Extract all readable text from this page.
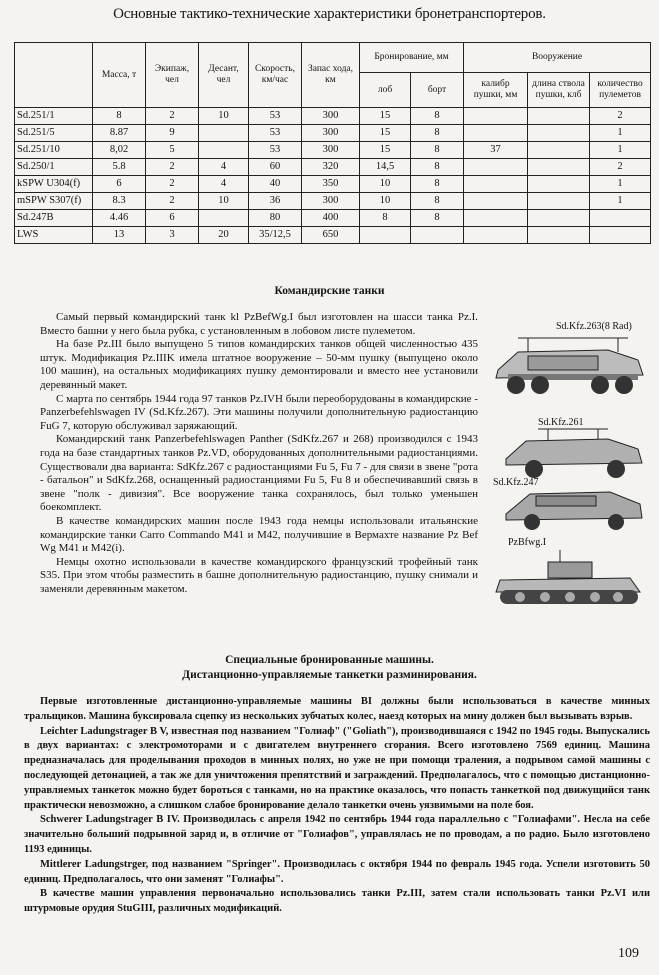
Основные тактико-технические характеристики бронетранспортеров.
	Масса, т	Экипаж, чел	Десант, чел	Скорость, км/час	Запас хода, км	Бронирование, мм		Вооружение		
						лоб	борт	калибр пушки, мм	длина ствола пушки, клб	количество пулеметов
Sd.251/1	8	2	10	53	300	15	8			2
Sd.251/5	8.87	9		53	300	15	8			1
Sd.251/10	8,02	5		53	300	15	8	37		1
Sd.250/1	5.8	2	4	60	320	14,5	8			2
kSPW U304(f)	6	2	4	40	350	10	8			1
mSPW S307(f)	8.3	2	10	36	300	10	8			1
Sd.247B	4.46	6		80	400	8	8			
LWS	13	3	20	35/12,5	650					
Командирские танки

Самый первый командирский танк kl PzBefWg.I был изготовлен на шасси танка Pz.I. Вместо башни у него была рубка, с установленным в лобовом листе пулеметом.

На базе Pz.III было выпущено 5 типов командирских танков общей численностью 435 штук. Модификация Pz.IIIK имела штатное вооружение – 50-мм пушку (выпущено около 100 машин), на остальных модификациях пушку демонтировали и вместо нее установили деревянный макет.

С марта по сентябрь 1944 года 97 танков Pz.IVH были переоборудованы в командирские - Panzerbefehlswagen IV (Sd.Kfz.267). Эти машины получили дополнительную радиостанцию FuG 7, которую обслуживал заряжающий.

Командирский танк Panzerbefehlswagen Panther (SdKfz.267 и 268) производился с 1943 года на базе стандартных танков Pz.VD, оборудованных дополнительными радиостанциями. Существовали два варианта: SdKfz.267 с радиостанциями Fu 5, Fu 7 - для связи в звене "рота - батальон" и SdKfz.268, оснащенный радиостанциями Fu 5, Fu 8 и обеспечивавший связь в звене "полк - дивизия". Все вооружение танка сохранялось, был только уменьшен боекомплект.

В качестве командирских машин после 1943 года немцы использовали итальянские командирские танки Carro Commando M41 и M42, получившие в Вермахте название Pz Bef Wg M41 и M42(i).

Немцы охотно использовали в качестве командирского французский трофейный танк S35. При этом чтобы разместить в башне дополнительную радиостанцию, пушку снимали и заменяли деревянным макетом.

Sd.Kfz.263(8 Rad)
Sd.Kfz.261
Sd.Kfz.247
PzBfwg.I
Специальные бронированные машины.
Дистанционно-управляемые танкетки разминирования.

Первые изготовленные дистанционно-управляемые машины BI должны были использоваться в качестве минных тральщиков. Машина буксировала сцепку из нескольких зубчатых колес, наезд которых на мину должен был вызывать взрыв.

Leichter Ladungstrager B V, известная под названием "Голиаф" ("Goliath"), производившаяся с 1942 по 1945 годы. Выпускались в двух вариантах: с электромоторами и с двигателем внутреннего сгорания. Всего изготовлено 7569 единиц. Машина предназначалась для проделывания проходов в минных полях, но уже не при помощи траления, а подрывом самой машины с последующей детонацией, а так же для уничтожения препятствий и заграждений. Предполагалось, что с помощью дистанционно-управляемых танкеток можно будет бороться с танками, но на практике оказалось, что попасть танкеткой под движущийся танк практически невозможно, а слишком слабое бронирование делало танкетки очень уязвимыми на поле боя.

Schwerer Ladungstrager B IV. Производилась с апреля 1942 по сентябрь 1944 года параллельно с "Голиафами". Несла на себе значительно больший подрывной заряд и, в отличие от "Голиафов", управлялась не по проводам, а по радио. Было изготовлено 1193 единицы.

Mittlerer Ladungstrger, под названием "Springer". Производилась с октября 1944 по февраль 1945 года. Успели изготовить 50 единиц. Предполагалось, что они заменят "Голиафы".

В качестве машин управления первоначально использовались танки Pz.III, затем стали использовать танки Pz.VI или штурмовые орудия StuGIII, различных модификаций.

109
